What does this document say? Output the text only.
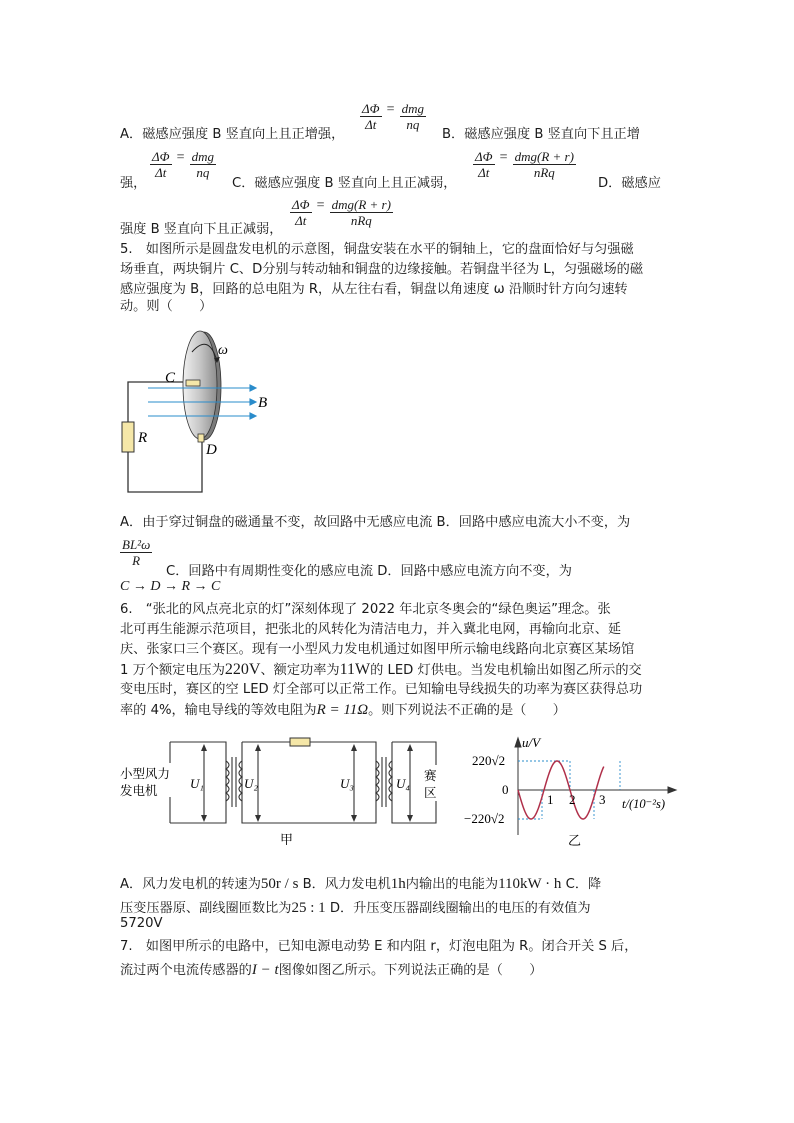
$\frac{\Delta\Phi}{\Delta t} = \frac{\text{dmg}}{nq}$
A．磁感应强度 B 竖直向上且正增强，	B．磁感应强度 B 竖直向下且正增
$\frac{\Delta\Phi}{\Delta t} = \frac{\text{dmg}}{nq}$	$\frac{\Delta\Phi}{\Delta t} = \frac{\text{dmg(R + r)}}{\text{nRq}}$
强，	C．磁感应强度 B 竖直向上且正减弱，	D．磁感应
$\frac{\Delta\Phi}{\Delta t} = \frac{\text{dmg(R + r)}}{\text{nRq}}$
强度 B 竖直向下且正减弱，
5.　如图所示是圆盘发电机的示意图，铜盘安装在水平的铜轴上，它的盘面恰好与匀强磁
场垂直，两块铜片 C、D分别与转动轴和铜盘的边缘接触。若铜盘半径为 L，匀强磁场的磁
感应强度为 B，回路的总电阻为 R，从左往右看，铜盘以角速度 ω 沿顺时针方向匀速转
动。则（　　）
ω
C
B
R
D
A．由于穿过铜盘的磁通量不变，故回路中无感应电流 B．回路中感应电流大小不变，为
$\frac{\text{BL²ω}}{R}$
C．回路中有周期性变化的感应电流 D．回路中感应电流方向不变，为
C → D → R → C
6.　“张北的风点亮北京的灯”深刻体现了 2022 年北京冬奥会的“绿色奥运”理念。张
北可再生能源示范项目，把张北的风转化为清洁电力，并入冀北电网，再输向北京、延
庆、张家口三个赛区。现有一小型风力发电机通过如图甲所示输电线路向北京赛区某场馆
1 万个额定电压为220V、额定功率为11W的 LED 灯供电。当发电机输出如图乙所示的交
变电压时，赛区的空 LED 灯全部可以正常工作。已知输电导线损失的功率为赛区获得总功
率的 4%，输电导线的等效电阻为R = 11Ω。则下列说法不正确的是（　　）
小型风力
发电机 U₁	U₂	U₃	U₄ 赛
区
甲
u/V
220√2
0
−220√2
1 2 3 t/(10⁻²s)
乙
A．风力发电机的转速为50r / s B．风力发电机1h内输出的电能为110kW · h C．降
压变压器原、副线圈匝数比为25 : 1 D．升压变压器副线圈输出的电压的有效值为
5720V
7.　如图甲所示的电路中，已知电源电动势 E 和内阻 r，灯泡电阻为 R。闭合开关 S 后，
流过两个电流传感器的I − t图像如图乙所示。下列说法正确的是（　　）
